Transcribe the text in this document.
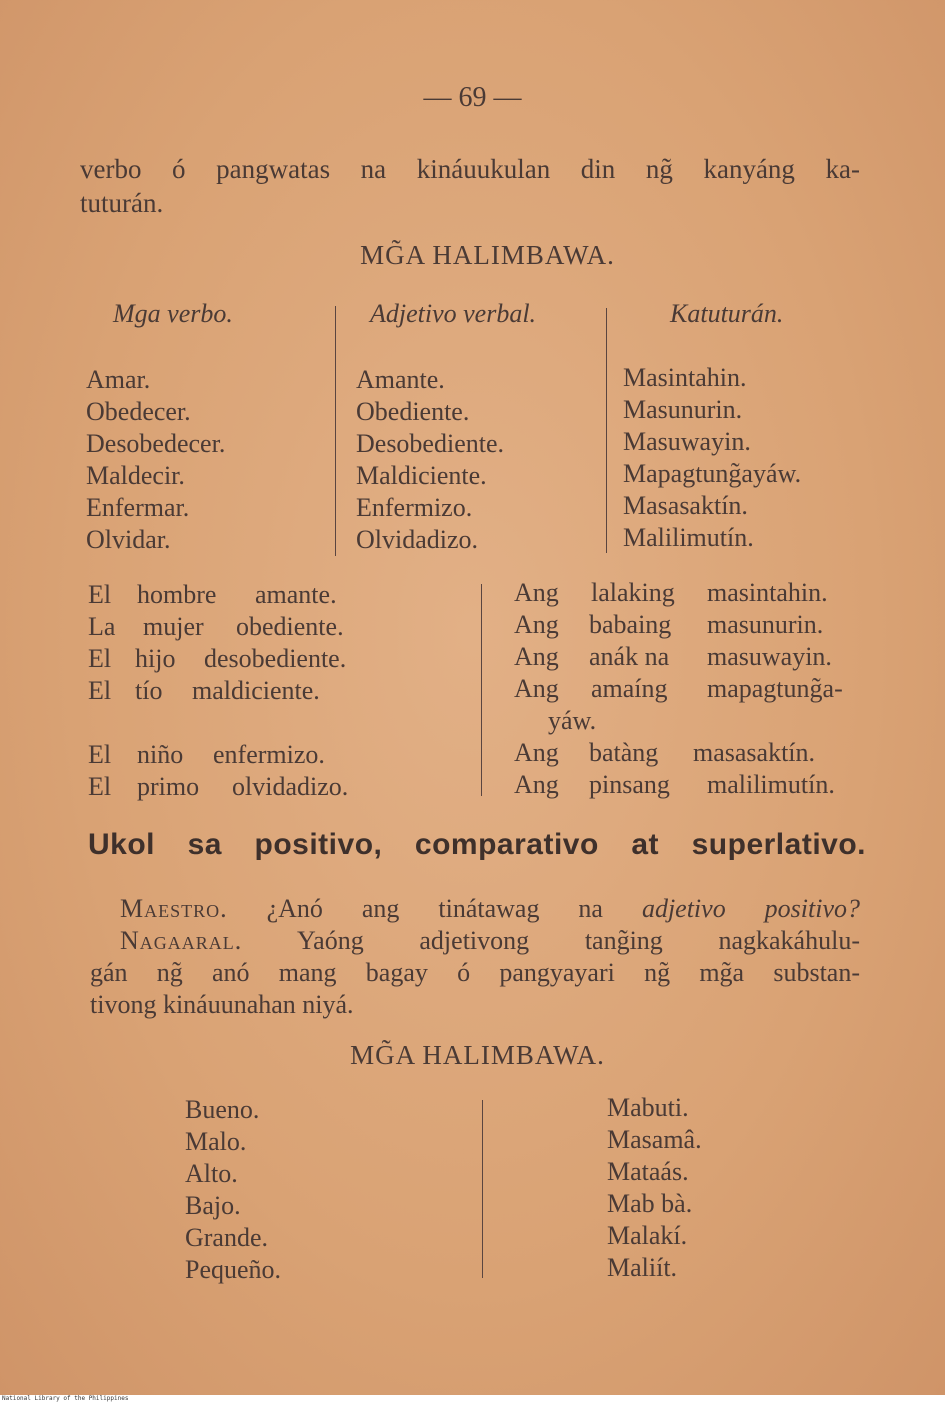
— 69 —
verbo ó pangwatas na kináuukulan din ng̃ kanyáng ka-
tuturán.
MG̃A HALIMBAWA.
Mga verbo.	Adjetivo verbal.	Katuturán.
Amar.
Obedecer.
Desobedecer.
Maldecir.
Enfermar.
Olvidar.
Amante.
Obediente.
Desobediente.
Maldiciente.
Enfermizo.
Olvidadizo.
Masintahin.
Masunurin.
Masuwayin.
Mapagtung̃ayáw.
Masasaktín.
Malilimutín.
El hombre amante.
La mujer obediente.
El hijo desobediente.
El tío maldiciente.
El niño enfermizo.
El primo olvidadizo.
Ang lalaking masintahin.
Ang babaing masunurin.
Ang anák na masuwayin.
Ang amaíng mapagtung̃a-
yáw.
Ang batàng masasaktín.
Ang pinsang malilimutín.
Ukol sa positivo, comparativo at superlativo.
Maestro. ¿Anó ang tinátawag na adjetivo positivo?
Nagaaral. Yaóng adjetivong tang̃ing nagkakáhulu-
gán ng̃ anó mang bagay ó pangyayari ng̃ mg̃a substan-
tivong kináuunahan niyá.
MG̃A HALIMBAWA.
Bueno.
Malo.
Alto.
Bajo.
Grande.
Pequeño.
Mabuti.
Masamâ.
Mataás.
Mab bà.
Malakí.
Maliít.
National Library of the Philippines
